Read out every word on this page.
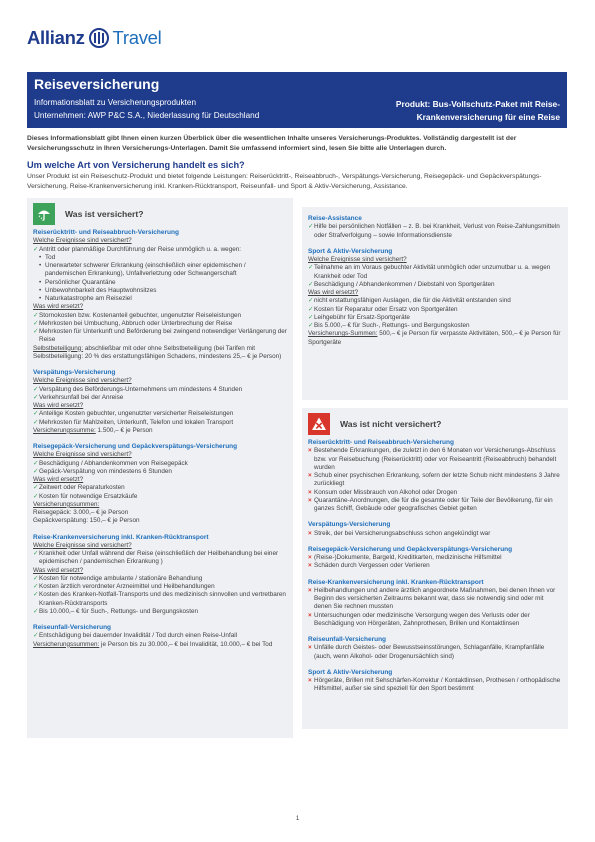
Allianz Travel
Reiseversicherung
Informationsblatt zu Versicherungsprodukten
Unternehmen: AWP P&C S.A., Niederlassung für Deutschland
Produkt: Bus-Vollschutz-Paket mit Reise-Krankenversicherung für eine Reise
Dieses Informationsblatt gibt Ihnen einen kurzen Überblick über die wesentlichen Inhalte unseres Versicherungs-Produktes. Vollständig dargestellt ist der Versicherungsschutz in Ihren Versicherungs-Unterlagen. Damit Sie umfassend informiert sind, lesen Sie bitte alle Unterlagen durch.
Um welche Art von Versicherung handelt es sich?
Unser Produkt ist ein Reiseschutz-Produkt und bietet folgende Leistungen: Reiserücktritt-, Reiseabbruch-, Verspätungs-Versicherung, Reisegepäck- und Gepäckverspätungs-Versicherung, Reise-Krankenversicherung inkl. Kranken-Rücktransport, Reiseunfall- und Sport & Aktiv-Versicherung, Assistance.
Was ist versichert?
Reiserücktritt- und Reiseabbruch-Versicherung
Welche Ereignisse sind versichert?
✓ Antritt oder planmäßige Durchführung der Reise unmöglich u. a. wegen:
• Tod
• Unerwarteter schwerer Erkrankung (einschließlich einer epidemischen / pandemischen Erkrankung), Unfallverletzung oder Schwangerschaft
• Persönlicher Quarantäne
• Unbewohnbarkeit des Hauptwohnsitzes
• Naturkatastrophe am Reiseziel
Was wird ersetzt?
✓ Stornokosten bzw. Kostenanteil gebuchter, ungenutzter Reiseleistungen
✓ Mehrkosten bei Umbuchung, Abbruch oder Unterbrechung der Reise
✓ Mehrkosten für Unterkunft und Beförderung bei zwingend notwendiger Verlängerung der Reise
Selbstbeteiligung: abschließbar mit oder ohne Selbstbeteiligung (bei Tarifen mit Selbstbeteiligung: 20 % des erstattungsfähigen Schadens, mindestens 25,– € je Person)
Verspätungs-Versicherung
Welche Ereignisse sind versichert?
✓ Verspätung des Beförderungs-Unternehmens um mindestens 4 Stunden
✓ Verkehrsunfall bei der Anreise
Was wird ersetzt?
✓ Anteilige Kosten gebuchter, ungenutzter versicherter Reiseleistungen
✓ Mehrkosten für Mahlzeiten, Unterkunft, Telefon und lokalen Transport
Versicherungssumme: 1.500,– € je Person
Reisegepäck-Versicherung und Gepäckverspätungs-Versicherung
Welche Ereignisse sind versichert?
✓ Beschädigung / Abhandenkommen von Reisegepäck
✓ Gepäck-Verspätung von mindestens 6 Stunden
Was wird ersetzt?
✓ Zeitwert oder Reparaturkosten
✓ Kosten für notwendige Ersatzkäufe
Versicherungssummen:
Reisegepäck: 3.000,– € je Person
Gepäckverspätung: 150,– € je Person
Reise-Krankenversicherung inkl. Kranken-Rücktransport
Welche Ereignisse sind versichert?
✓ Krankheit oder Unfall während der Reise (einschließlich der Heilbehandlung bei einer epidemischen / pandemischen Erkrankung )
Was wird ersetzt?
✓ Kosten für notwendige ambulante / stationäre Behandlung
✓ Kosten ärztlich verordneter Arzneimittel und Heilbehandlungen
✓ Kosten des Kranken-Notfall-Transports und des medizinisch sinnvollen und vertretbaren Kranken-Rücktransports
✓ Bis 10.000,– € für Such-, Rettungs- und Bergungskosten
Reiseunfall-Versicherung
✓ Entschädigung bei dauernder Invalidität / Tod durch einen Reise-Unfall
Versicherungssummen: je Person bis zu 30.000,– € bei Invalidität, 10.000,– € bei Tod
Reise-Assistance
✓ Hilfe bei persönlichen Notfällen – z. B. bei Krankheit, Verlust von Reise-Zahlungsmitteln oder Strafverfolgung – sowie Informationsdienste
Sport & Aktiv-Versicherung
Welche Ereignisse sind versichert?
✓ Teilnahme an im Voraus gebuchter Aktivität unmöglich oder unzumutbar u. a. wegen Krankheit oder Tod
✓ Beschädigung / Abhandenkommen / Diebstahl von Sportgeräten
Was wird ersetzt?
✓ nicht erstattungsfähigen Auslagen, die für die Aktivität entstanden sind
✓ Kosten für Reparatur oder Ersatz von Sportgeräten
✓ Leihgebühr für Ersatz-Sportgeräte
✓ Bis 5.000,– € für Such-, Rettungs- und Bergungskosten
Versicherungs-Summen: 500,– € je Person für verpasste Aktivitäten, 500,– € je Person für Sportgeräte
Was ist nicht versichert?
Reiserücktritt- und Reiseabbruch-Versicherung
× Bestehende Erkrankungen, die zuletzt in den 6 Monaten vor Versicherungs-Abschluss bzw. vor Reisebuchung (Reiserücktritt) oder vor Reiseantritt (Reiseabbruch) behandelt wurden
× Schub einer psychischen Erkrankung, sofern der letzte Schub nicht mindestens 3 Jahre zurückliegt
× Konsum oder Missbrauch von Alkohol oder Drogen
× Quarantäne-Anordnungen, die für die gesamte oder für Teile der Bevölkerung, für ein ganzes Schiff, Gebäude oder geografisches Gebiet gelten
Verspätungs-Versicherung
× Streik, der bei Versicherungsabschluss schon angekündigt war
Reisegepäck-Versicherung und Gepäckverspätungs-Versicherung
× (Reise-)Dokumente, Bargeld, Kreditkarten, medizinische Hilfsmittel
× Schäden durch Vergessen oder Verlieren
Reise-Krankenversicherung inkl. Kranken-Rücktransport
× Heilbehandlungen und andere ärztlich angeordnete Maßnahmen, bei denen Ihnen vor Beginn des versicherten Zeitraums bekannt war, dass sie notwendig sind oder mit denen Sie rechnen mussten
× Untersuchungen oder medizinische Versorgung wegen des Verlusts oder der Beschädigung von Hörgeräten, Zahnprothesen, Brillen und Kontaktlinsen
Reiseunfall-Versicherung
× Unfälle durch Geistes- oder Bewusstseinsstörungen, Schlaganfälle, Krampfanfälle (auch, wenn Alkohol- oder Drogenursächlich sind)
Sport & Aktiv-Versicherung
× Hörgeräte, Brillen mit Sehschärfen-Korrektur / Kontaktlinsen, Prothesen / orthopädische Hilfsmittel, außer sie sind speziell für den Sport bestimmt
1
